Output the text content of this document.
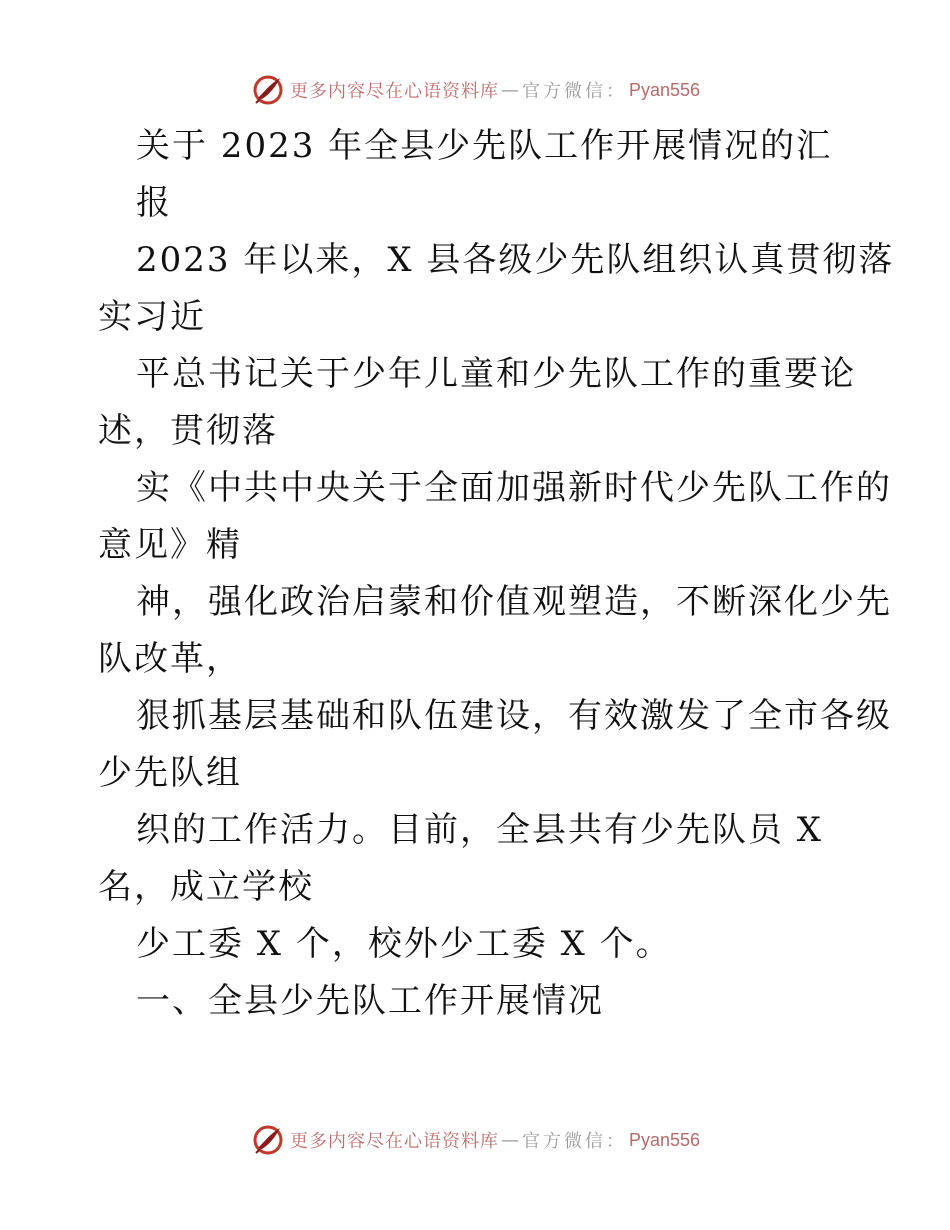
更多内容尽在心语资料库 — 官方微信： Pyan556
关于 2023 年全县少先队工作开展情况的汇
报
2023 年以来，X 县各级少先队组织认真贯彻落
实习近
平总书记关于少年儿童和少先队工作的重要论
述，贯彻落
实《中共中央关于全面加强新时代少先队工作的
意见》精
神，强化政治启蒙和价值观塑造，不断深化少先
队改革，
狠抓基层基础和队伍建设，有效激发了全市各级
少先队组
织的工作活力。目前，全县共有少先队员 X
名，成立学校
少工委 X 个，校外少工委 X 个。
一、全县少先队工作开展情况
更多内容尽在心语资料库 — 官方微信： Pyan556
